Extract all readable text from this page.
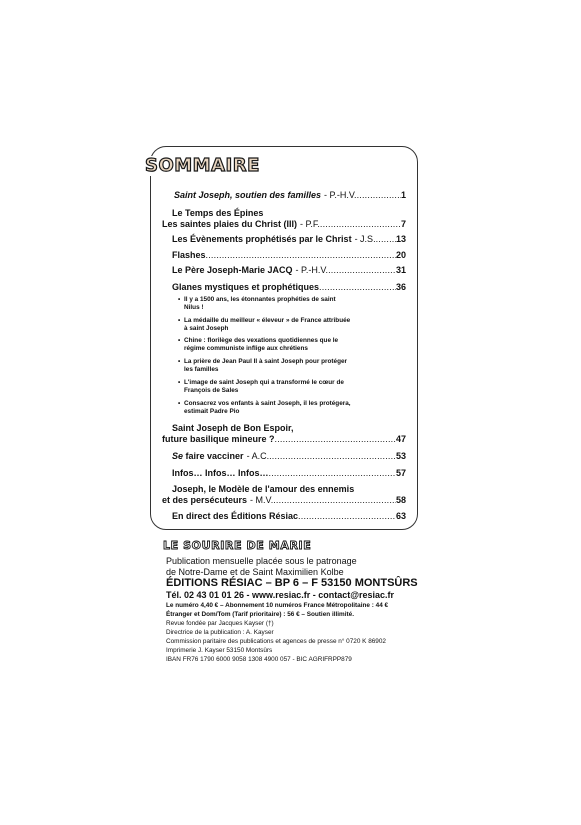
SOMMAIRE
Saint Joseph, soutien des familles - P.-H.V. .....	1
Le Temps des Épines
Les saintes plaies du Christ (III) - P.F. .....	7
Les Évènements prophétisés par le Christ - J.S. ..... 13
Flashes .....	20
Le Père Joseph-Marie JACQ - P.-H.V. .....	31
Glanes mystiques et prophétiques .....	36
• Il y a 1500 ans, les étonnantes prophéties de saint
Nilus !
• La médaille du meilleur « éleveur » de France attribuée
à saint Joseph
• Chine : florilège des vexations quotidiennes que le
régime communiste inflige aux chrétiens
• La prière de Jean Paul II à saint Joseph pour protéger
les familles
• L'image de saint Joseph qui a transformé le cœur de
François de Sales
• Consacrez vos enfants à saint Joseph, il les protégera,
estimait Padre Pio
Saint Joseph de Bon Espoir,
future basilique mineure ? .....	47
Se faire vacciner - A.C. .....	53
Infos… Infos… Infos… .....	57
Joseph, le Modèle de l'amour des ennemis
et des persécuteurs - M.V. .....	58
En direct des Éditions Résiac .....	63
LE SOURIRE DE MARIE
Publication mensuelle placée sous le patronage
de Notre-Dame et de Saint Maximilien Kolbe
ÉDITIONS RÉSIAC – BP 6 – F 53150 MONTSÛRS
Tél. 02 43 01 01 26 - www.resiac.fr - contact@resiac.fr
Le numéro 4,40 € – Abonnement 10 numéros France Métropolitaine : 44 €
Étranger et Dom/Tom (Tarif prioritaire) : 56 € – Soutien illimité.
Revue fondée par Jacques Kayser (†)
Directrice de la publication : A. Kayser
Commission paritaire des publications et agences de presse n° 0720 K 86902
Imprimerie J. Kayser 53150 Montsûrs
IBAN FR76 1790 6000 9058 1308 4900 057 - BIC AGRIFRPP879
